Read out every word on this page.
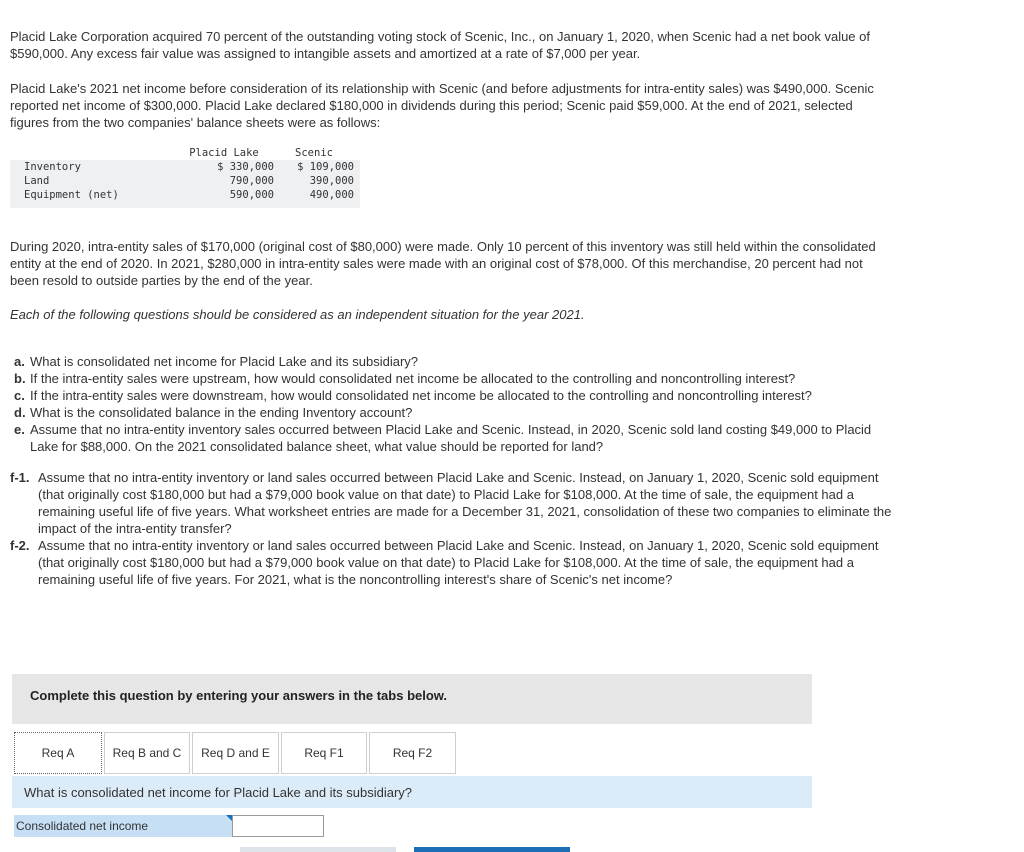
Placid Lake Corporation acquired 70 percent of the outstanding voting stock of Scenic, Inc., on January 1, 2020, when Scenic had a net book value of $590,000. Any excess fair value was assigned to intangible assets and amortized at a rate of $7,000 per year.

Placid Lake's 2021 net income before consideration of its relationship with Scenic (and before adjustments for intra-entity sales) was $490,000. Scenic reported net income of $300,000. Placid Lake declared $180,000 in dividends during this period; Scenic paid $59,000. At the end of 2021, selected figures from the two companies' balance sheets were as follows:

	Placid Lake	Scenic
Inventory	$ 330,000	$ 109,000
Land	790,000	390,000
Equipment (net)	590,000	490,000

During 2020, intra-entity sales of $170,000 (original cost of $80,000) were made. Only 10 percent of this inventory was still held within the consolidated entity at the end of 2020. In 2021, $280,000 in intra-entity sales were made with an original cost of $78,000. Of this merchandise, 20 percent had not been resold to outside parties by the end of the year.

Each of the following questions should be considered as an independent situation for the year 2021.

a. What is consolidated net income for Placid Lake and its subsidiary?
b. If the intra-entity sales were upstream, how would consolidated net income be allocated to the controlling and noncontrolling interest?
c. If the intra-entity sales were downstream, how would consolidated net income be allocated to the controlling and noncontrolling interest?
d. What is the consolidated balance in the ending Inventory account?
e. Assume that no intra-entity inventory sales occurred between Placid Lake and Scenic. Instead, in 2020, Scenic sold land costing $49,000 to Placid Lake for $88,000. On the 2021 consolidated balance sheet, what value should be reported for land?
f-1. Assume that no intra-entity inventory or land sales occurred between Placid Lake and Scenic. Instead, on January 1, 2020, Scenic sold equipment (that originally cost $180,000 but had a $79,000 book value on that date) to Placid Lake for $108,000. At the time of sale, the equipment had a remaining useful life of five years. What worksheet entries are made for a December 31, 2021, consolidation of these two companies to eliminate the impact of the intra-entity transfer?
f-2. Assume that no intra-entity inventory or land sales occurred between Placid Lake and Scenic. Instead, on January 1, 2020, Scenic sold equipment (that originally cost $180,000 but had a $79,000 book value on that date) to Placid Lake for $108,000. At the time of sale, the equipment had a remaining useful life of five years. For 2021, what is the noncontrolling interest's share of Scenic's net income?
Complete this question by entering your answers in the tabs below.
Req A	Req B and C	Req D and E	Req F1	Req F2
What is consolidated net income for Placid Lake and its subsidiary?
Consolidated net income
